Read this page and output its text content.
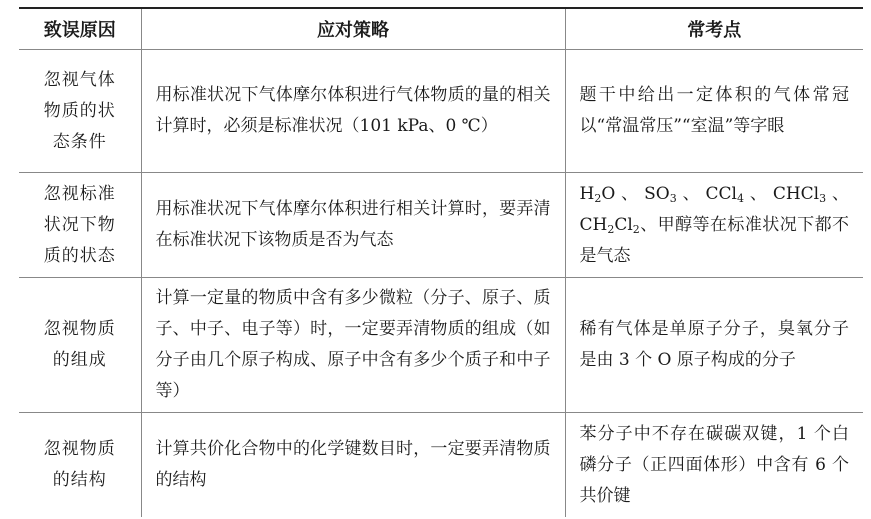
致误原因	应对策略	常考点
忽视气体物质的状态条件	用标准状况下气体摩尔体积进行气体物质的量的相关计算时，必须是标准状况（101 kPa、0 ℃）	题干中给出一定体积的气体常冠以“常温常压”“室温”等字眼
忽视标准状况下物质的状态	用标准状况下气体摩尔体积进行相关计算时，要弄清在标准状况下该物质是否为气态	$H_2O$、$SO_3$、CCl$_4$、CHCl$_3$、$CH_2Cl_2$、甲醇等在标准状况下都不是气态
忽视物质的组成	计算一定量的物质中含有多少微粒（分子、原子、质子、中子、电子等）时，一定要弄清物质的组成（如分子由几个原子构成、原子中含有多少个质子和中子等）	稀有气体是单原子分子，臭氧分子是由 3 个 O 原子构成的分子
忽视物质的结构	计算共价化合物中的化学键数目时，一定要弄清物质的结构	苯分子中不存在碳碳双键，1 个白磷分子（正四面体形）中含有 6 个共价键
